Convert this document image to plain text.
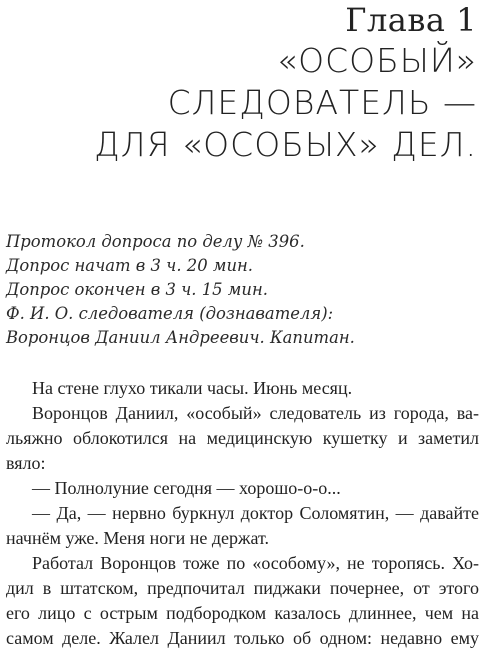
Глава 1
«ОСОБЫЙ»
СЛЕДОВАТЕЛЬ —
ДЛЯ «ОСОБЫХ» ДЕЛ.
Протокол допроса по делу № 396.
Допрос начат в 3 ч. 20 мин.
Допрос окончен в 3 ч. 15 мин.
Ф. И. О. следователя (дознавателя):
Воронцов Даниил Андреевич. Капитан.
На стене глухо тикали часы. Июнь месяц.
Воронцов Даниил, «особый» следователь из города, ва-
льяжно облокотился на медицинскую кушетку и заметил
вяло:
— Полнолуние сегодня — хорошо-о-о...
— Да, — нервно буркнул доктор Соломятин, — давайте
начнём уже. Меня ноги не держат.
Работал Воронцов тоже по «особому», не торопясь. Хо-
дил в штатском, предпочитал пиджаки почернее, от этого
его лицо с острым подбородком казалось длиннее, чем на
самом деле. Жалел Даниил только об одном: недавно ему
